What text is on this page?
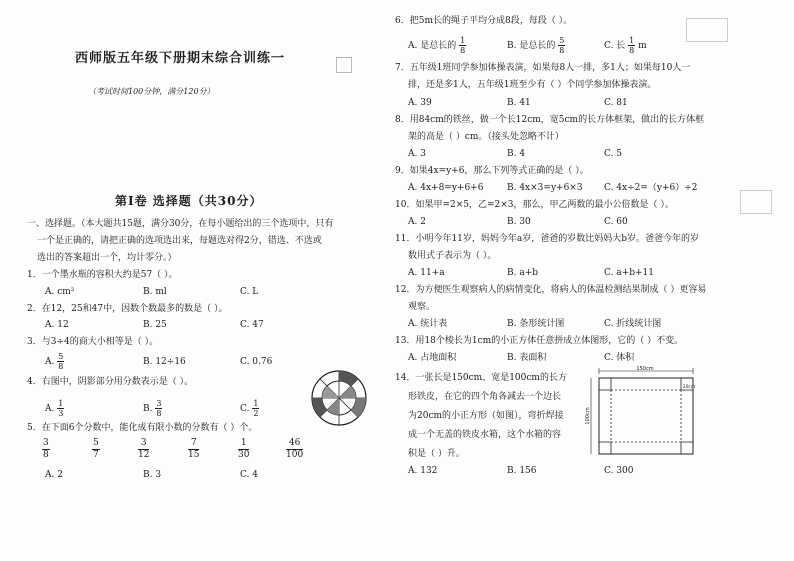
西师版五年级下册期末综合训练一
（考试时间100分钟，满分120分）
第Ⅰ卷 选择题（共30分）
一、选择题。（本大题共15题，满分30分，在每小题给出的三个选项中，只有
一个是正确的，请把正确的选项选出来，每题选对得2分，错选、不选或
选出的答案超出一个，均计零分。）
1．一个墨水瓶的容积大约是57（ ）。
A. cm²	B. ml	C. L
2．在12，25和47中，因数个数最多的数是（ ）。
A. 12	B. 25	C. 47
3．与3÷4的商大小相等是（ ）。
A. $\frac{5}{8}$	B. 12÷16	C. 0.76
4．右图中，阴影部分用分数表示是（ ）。
A. $\frac{1}{3}$	B. $\frac{3}{8}$	C. $\frac{1}{2}$
5．在下面6个分数中，能化成有限小数的分数有（ ）个。
$\frac{3}{8}$	$\frac{5}{7}$	$\frac{3}{12}$	$\frac{7}{15}$	$\frac{1}{30}$	$\frac{46}{100}$
A. 2	B. 3	C. 4
6．把5m长的绳子平均分成8段，每段（ ）。
A. 是总长的 $\frac{1}{8}$	B. 是总长的 $\frac{5}{8}$	C. 长 $\frac{1}{8}$ m
7．五年级1班同学参加体操表演，如果每8人一排，多1人；如果每10人一
排，还是多1人，五年级1班至少有（ ）个同学参加体操表演。
A. 39	B. 41	C. 81
8．用84cm的铁丝，做一个长12cm，宽5cm的长方体框架，做出的长方体框
架的高是（ ）cm。（接头处忽略不计）
A. 3	B. 4	C. 5
9．如果4x=y+6，那么下列等式正确的是（ ）。
A. 4x+8=y+6+6	B. 4x×3=y+6×3 C. 4x÷2=（y+6）÷2
10．如果甲=2×5，乙=2×3，那么，甲乙两数的最小公倍数是（ ）。
A. 2	B. 30	C. 60
11．小明今年11岁，妈妈今年a岁，爸爸的岁数比妈妈大b岁。爸爸今年的岁
数用式子表示为（ ）。
A. 11+a	B. a+b	C. a+b+11
12．为方便医生观察病人的病情变化，将病人的体温检测结果制成（ ）更容易
观察。
A. 统计表	B. 条形统计图	C. 折线统计图
13．用18个棱长为1cm的小正方体任意拼成立体图形，它的（ ）不变。
A. 占地面积	B. 表面积	C. 体积
14．一张长是150cm、宽是100cm的长方
形铁皮，在它的四个角各减去一个边长
为20cm的小正方形（如图），弯折焊接
成一个无盖的铁皮水箱，这个水箱的容
积是（ ）升。
A. 132	B. 156	C. 300
150cm
100cm
20cm
